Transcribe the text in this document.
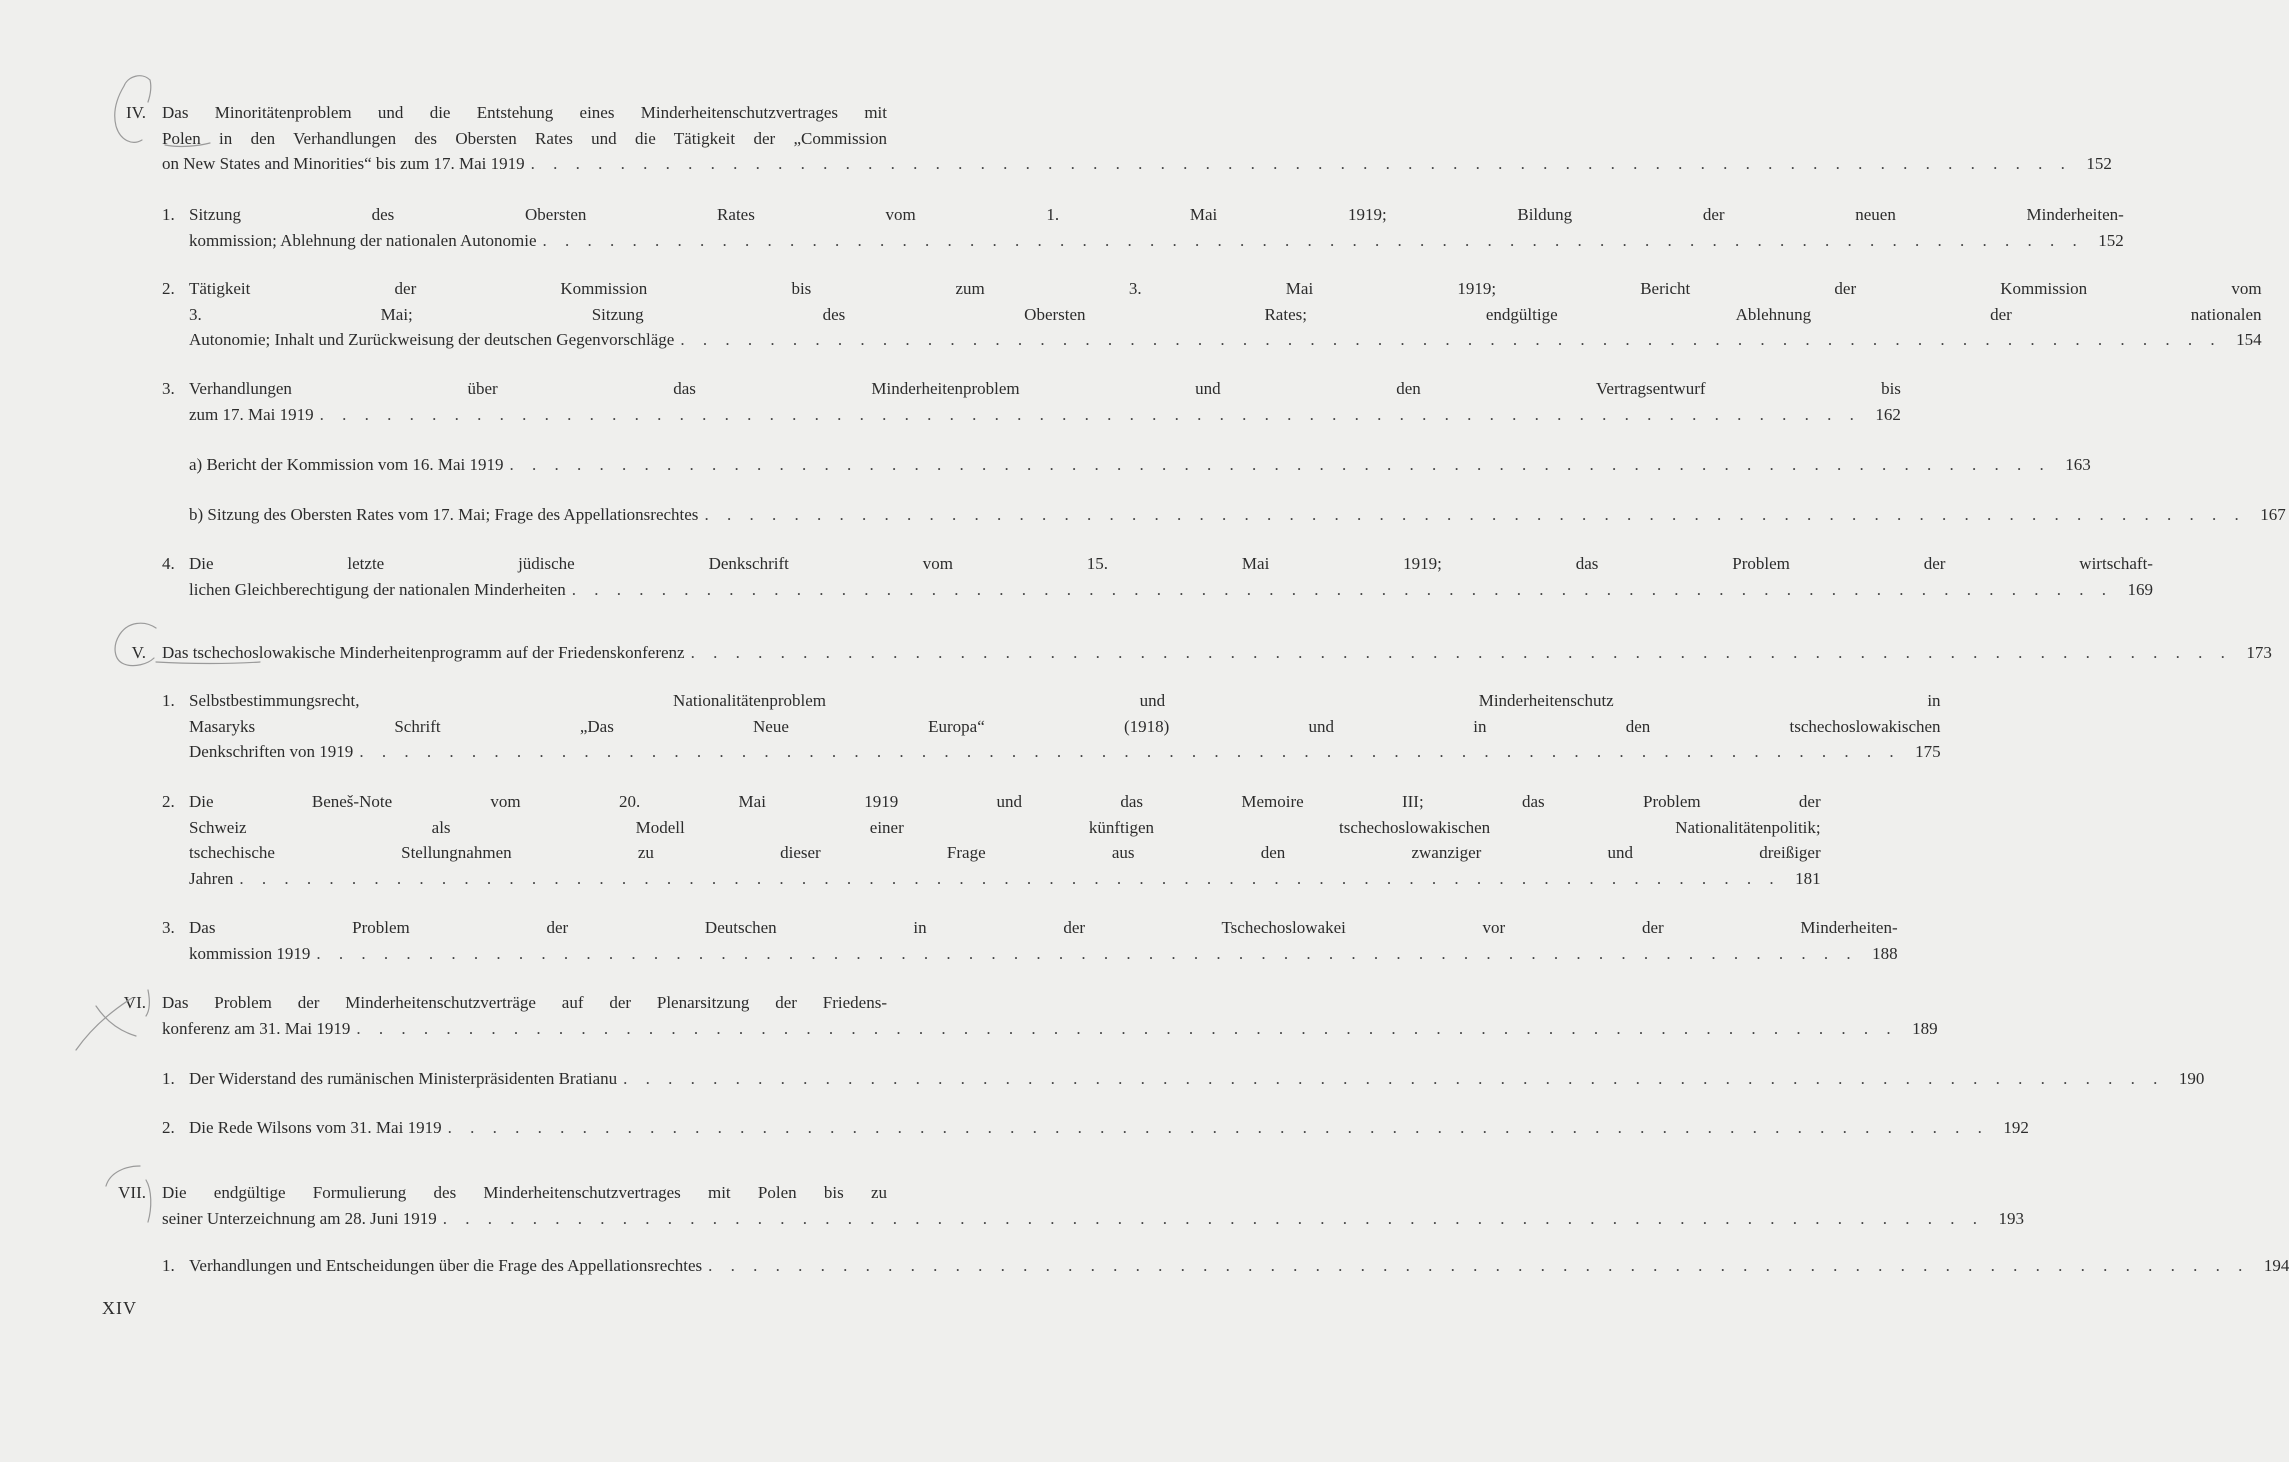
IV. Das Minoritätenproblem und die Entstehung eines Minderheitenschutzvertrages mit
Polen in den Verhandlungen des Obersten Rates und die Tätigkeit der „Commission
on New States and Minorities“ bis zum 17. Mai 1919 . . .	152
1. Sitzung des Obersten Rates vom 1. Mai 1919; Bildung der neuen Minderheiten-
kommission; Ablehnung der nationalen Autonomie . . .	152
2. Tätigkeit der Kommission bis zum 3. Mai 1919; Bericht der Kommission vom
3. Mai; Sitzung des Obersten Rates; endgültige Ablehnung der nationalen
Autonomie; Inhalt und Zurückweisung der deutschen Gegenvorschläge . . .	154
3. Verhandlungen über das Minderheitenproblem und den Vertragsentwurf bis
zum 17. Mai 1919 . . .	162
a) Bericht der Kommission vom 16. Mai 1919 . . .	163
b) Sitzung des Obersten Rates vom 17. Mai; Frage des Appellationsrechtes . . .	167
4. Die letzte jüdische Denkschrift vom 15. Mai 1919; das Problem der wirtschaft-
lichen Gleichberechtigung der nationalen Minderheiten . . .	169
V. Das tschechoslowakische Minderheitenprogramm auf der Friedenskonferenz . . .	173
1. Selbstbestimmungsrecht, Nationalitätenproblem und Minderheitenschutz in
Masaryks Schrift „Das Neue Europa“ (1918) und in den tschechoslowakischen
Denkschriften von 1919 . . .	175
2. Die Beneš-Note vom 20. Mai 1919 und das Memoire III; das Problem der
Schweiz als Modell einer künftigen tschechoslowakischen Nationalitätenpolitik;
tschechische Stellungnahmen zu dieser Frage aus den zwanziger und dreißiger
Jahren . . .	181
3. Das Problem der Deutschen in der Tschechoslowakei vor der Minderheiten-
kommission 1919 . . .	188
VI. Das Problem der Minderheitenschutzverträge auf der Plenarsitzung der Friedens-
konferenz am 31. Mai 1919 . . .	189
1. Der Widerstand des rumänischen Ministerpräsidenten Bratianu . . .	190
2. Die Rede Wilsons vom 31. Mai 1919 . . .	192
VII. Die endgültige Formulierung des Minderheitenschutzvertrages mit Polen bis zu
seiner Unterzeichnung am 28. Juni 1919 . . .	193
1. Verhandlungen und Entscheidungen über die Frage des Appellationsrechtes . . .	194
XIV
